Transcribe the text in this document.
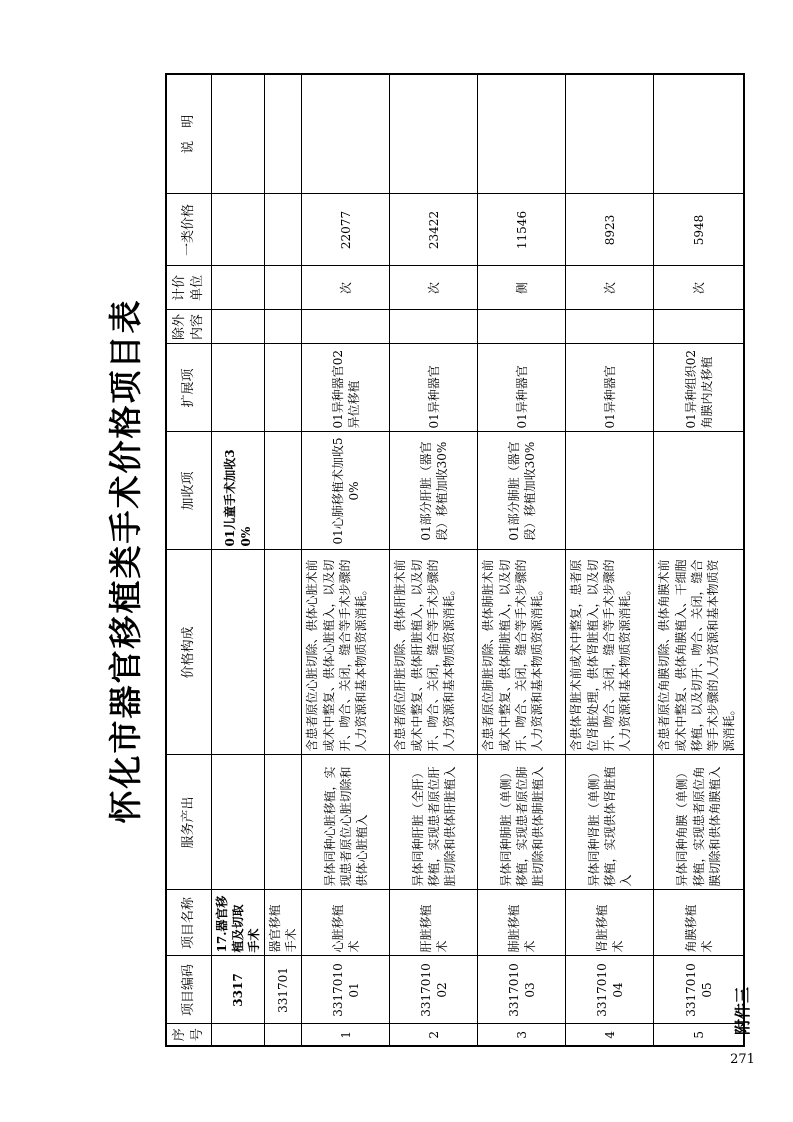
附件三
怀化市器官移植类手术价格项目表
271
序号	项目编码	项目名称	服务产出	价格构成	加收项	扩展项	除外内容	计价单位	一类价格	说　明
	3317	17.器官移植及切取手术			01儿童手术加收30%					
	331701	器官移植手术								
1	331701001	心脏移植术	异体同种心脏移植，实现患者原位心脏切除和供体心脏植入	含患者原位心脏切除、供体心脏术前或术中整复、供体心脏植入，以及切开、吻合、关闭，缝合等手术步骤的人力资源和基本物质资源消耗。	01心肺移植术加收50%	01异种器官02异位移植		次	22077	
2	331701002	肝脏移植术	异体同种肝脏（全肝）移植，实现患者原位肝脏切除和供体肝脏植入	含患者原位肝脏切除、供体肝脏术前或术中整复、供体肝脏植入，以及切开、吻合、关闭，缝合等手术步骤的人力资源和基本物质资源消耗。	01部分肝脏（器官段）移植加收30%	01异种器官		次	23422	
3	331701003	肺脏移植术	异体同种肺脏（单侧）移植，实现患者原位肺脏切除和供体肺脏植入	含患者原位肺脏切除、供体肺脏术前或术中整复、供体肺脏植入，以及切开、吻合、关闭，缝合等手术步骤的人力资源和基本物质资源消耗。	01部分肺脏（器官段）移植加收30%	01异种器官		侧	11546	
4	331701004	肾脏移植术	异体同种肾脏（单侧）移植，实现供体肾脏植入	含供体肾脏术前或术中整复，患者原位肾脏处理，供体肾脏植入，以及切开、吻合、关闭，缝合等手术步骤的人力资源和基本物质资源消耗。		01异种器官		次	8923	
5	331701005	角膜移植术	异体同种角膜（单侧）移植，实现患者原位角膜切除和供体角膜植入	含患者原位角膜切除、供体角膜术前或术中整复、供体角膜植入、干细胞移植，以及切开、吻合、关闭，缝合等手术步骤的人力资源和基本物质资源消耗。		01异种组织02角膜内皮移植		次	5948	
